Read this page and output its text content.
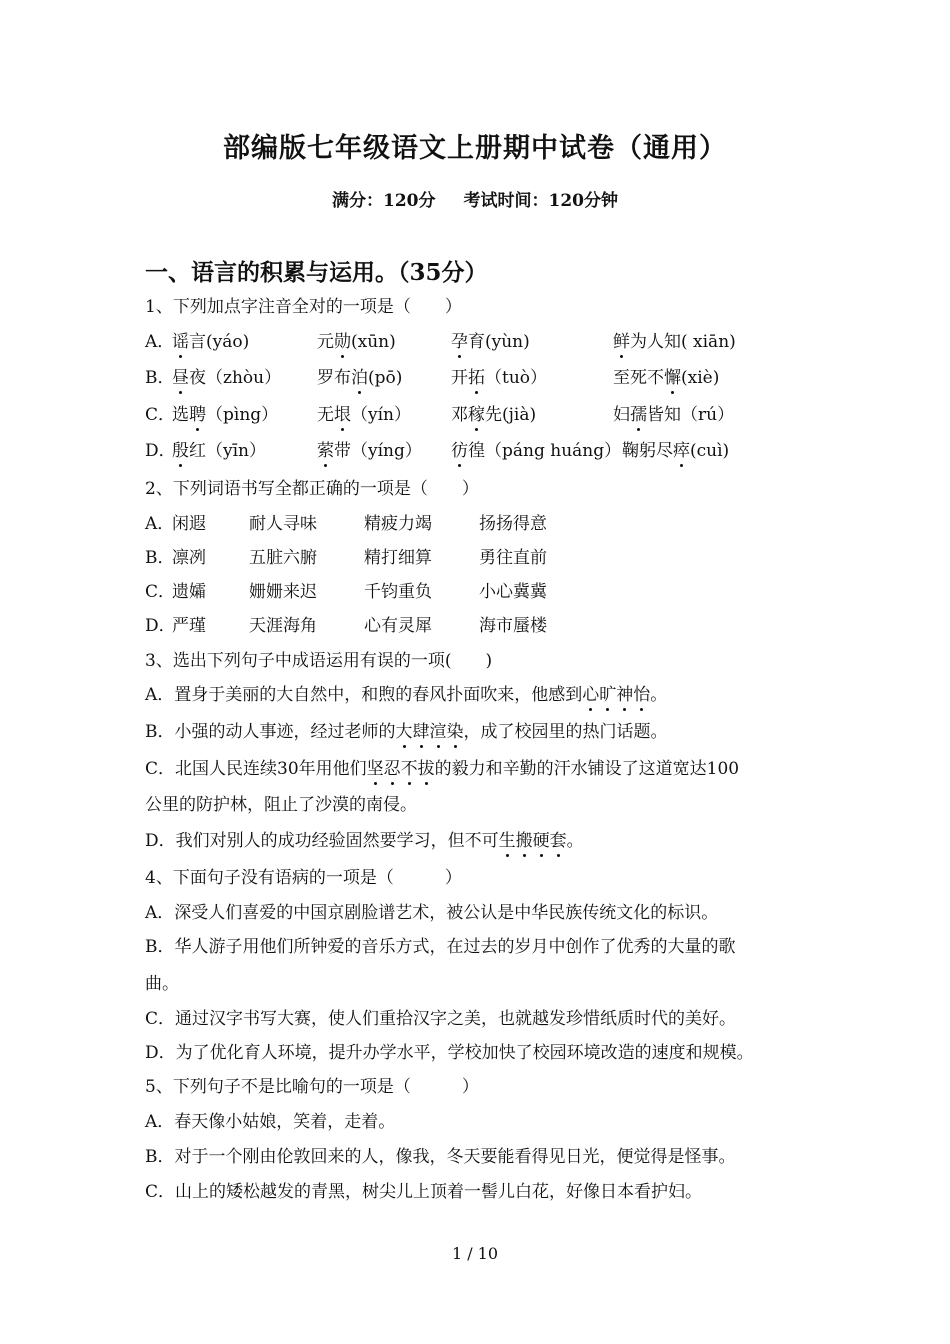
部编版七年级语文上册期中试卷（通用）
满分：120分 考试时间：120分钟
一、语言的积累与运用。（35分）
1、下列加点字注音全对的一项是（　　）
A．
谣言(yáo)	元勋(xūn)	孕育(yùn)	鲜为人知( xiān)
B．
昼夜（zhòu） 罗布泊(pō)	开拓（tuò）	至死不懈(xiè)
C．
选聘（pìng） 无垠（yín） 邓稼先(jià)	妇孺皆知（rú）
D．
殷红（yīn）	萦带（yíng） 彷徨（páng huáng） 鞠躬尽瘁(cuì)
2、下列词语书写全都正确的一项是（　　）
A．
闲遐	耐人寻味	精疲力竭	扬扬得意
B．
凛冽	五脏六腑	精打细算	勇往直前
C．
遗孀	姗姗来迟	千钧重负	小心冀冀
D．
严瑾	天涯海角	心有灵犀	海市蜃楼
3、选出下列句子中成语运用有误的一项(　　)
A．置身于美丽的大自然中，和煦的春风扑面吹来，他感到心旷神怡。
B．小强的动人事迹，经过老师的大肆渲染，成了校园里的热门话题。
C．北国人民连续30年用他们坚忍不拔的毅力和辛勤的汗水铺设了这道宽达100
公里的防护林，阻止了沙漠的南侵。
D．我们对别人的成功经验固然要学习，但不可生搬硬套。
4、下面句子没有语病的一项是（　　　）
A．深受人们喜爱的中国京剧脸谱艺术，被公认是中华民族传统文化的标识。
B．华人游子用他们所钟爱的音乐方式，在过去的岁月中创作了优秀的大量的歌
曲。
C．通过汉字书写大赛，使人们重拾汉字之美，也就越发珍惜纸质时代的美好。
D．为了优化育人环境，提升办学水平，学校加快了校园环境改造的速度和规模。
5、下列句子不是比喻句的一项是（　　　）
A．春天像小姑娘，笑着，走着。
B．对于一个刚由伦敦回来的人，像我，冬天要能看得见日光，便觉得是怪事。
C．山上的矮松越发的青黑，树尖儿上顶着一髻儿白花，好像日本看护妇。
1 / 10
